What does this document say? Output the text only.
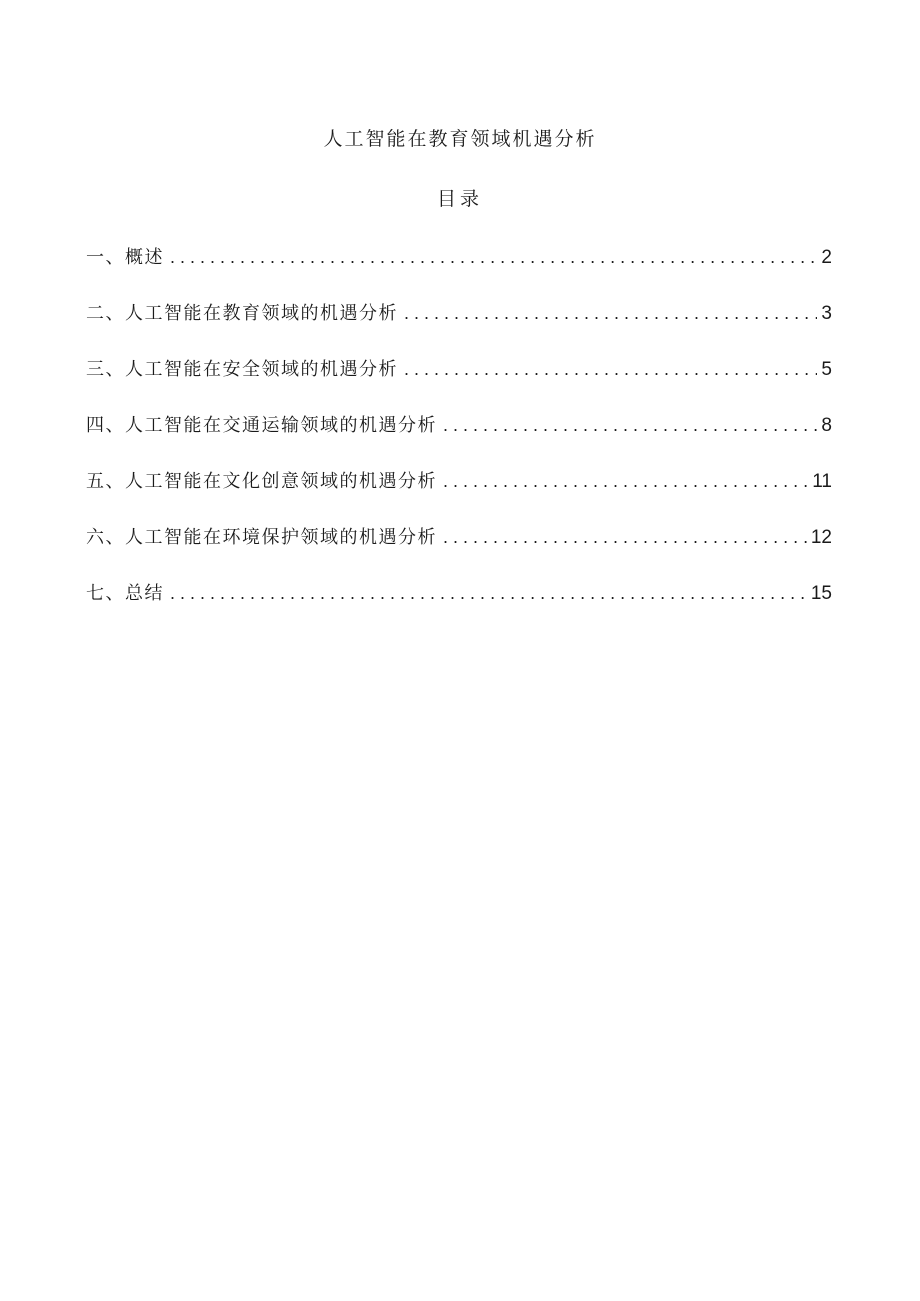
人工智能在教育领域机遇分析
目录
一、概述 . . .	2
二、人工智能在教育领域的机遇分析 . . .	3
三、人工智能在安全领域的机遇分析 . . .	5
四、人工智能在交通运输领域的机遇分析 . . .	8
五、人工智能在文化创意领域的机遇分析 . . .	11
六、人工智能在环境保护领域的机遇分析 . . .	12
七、总结 . . .	15
